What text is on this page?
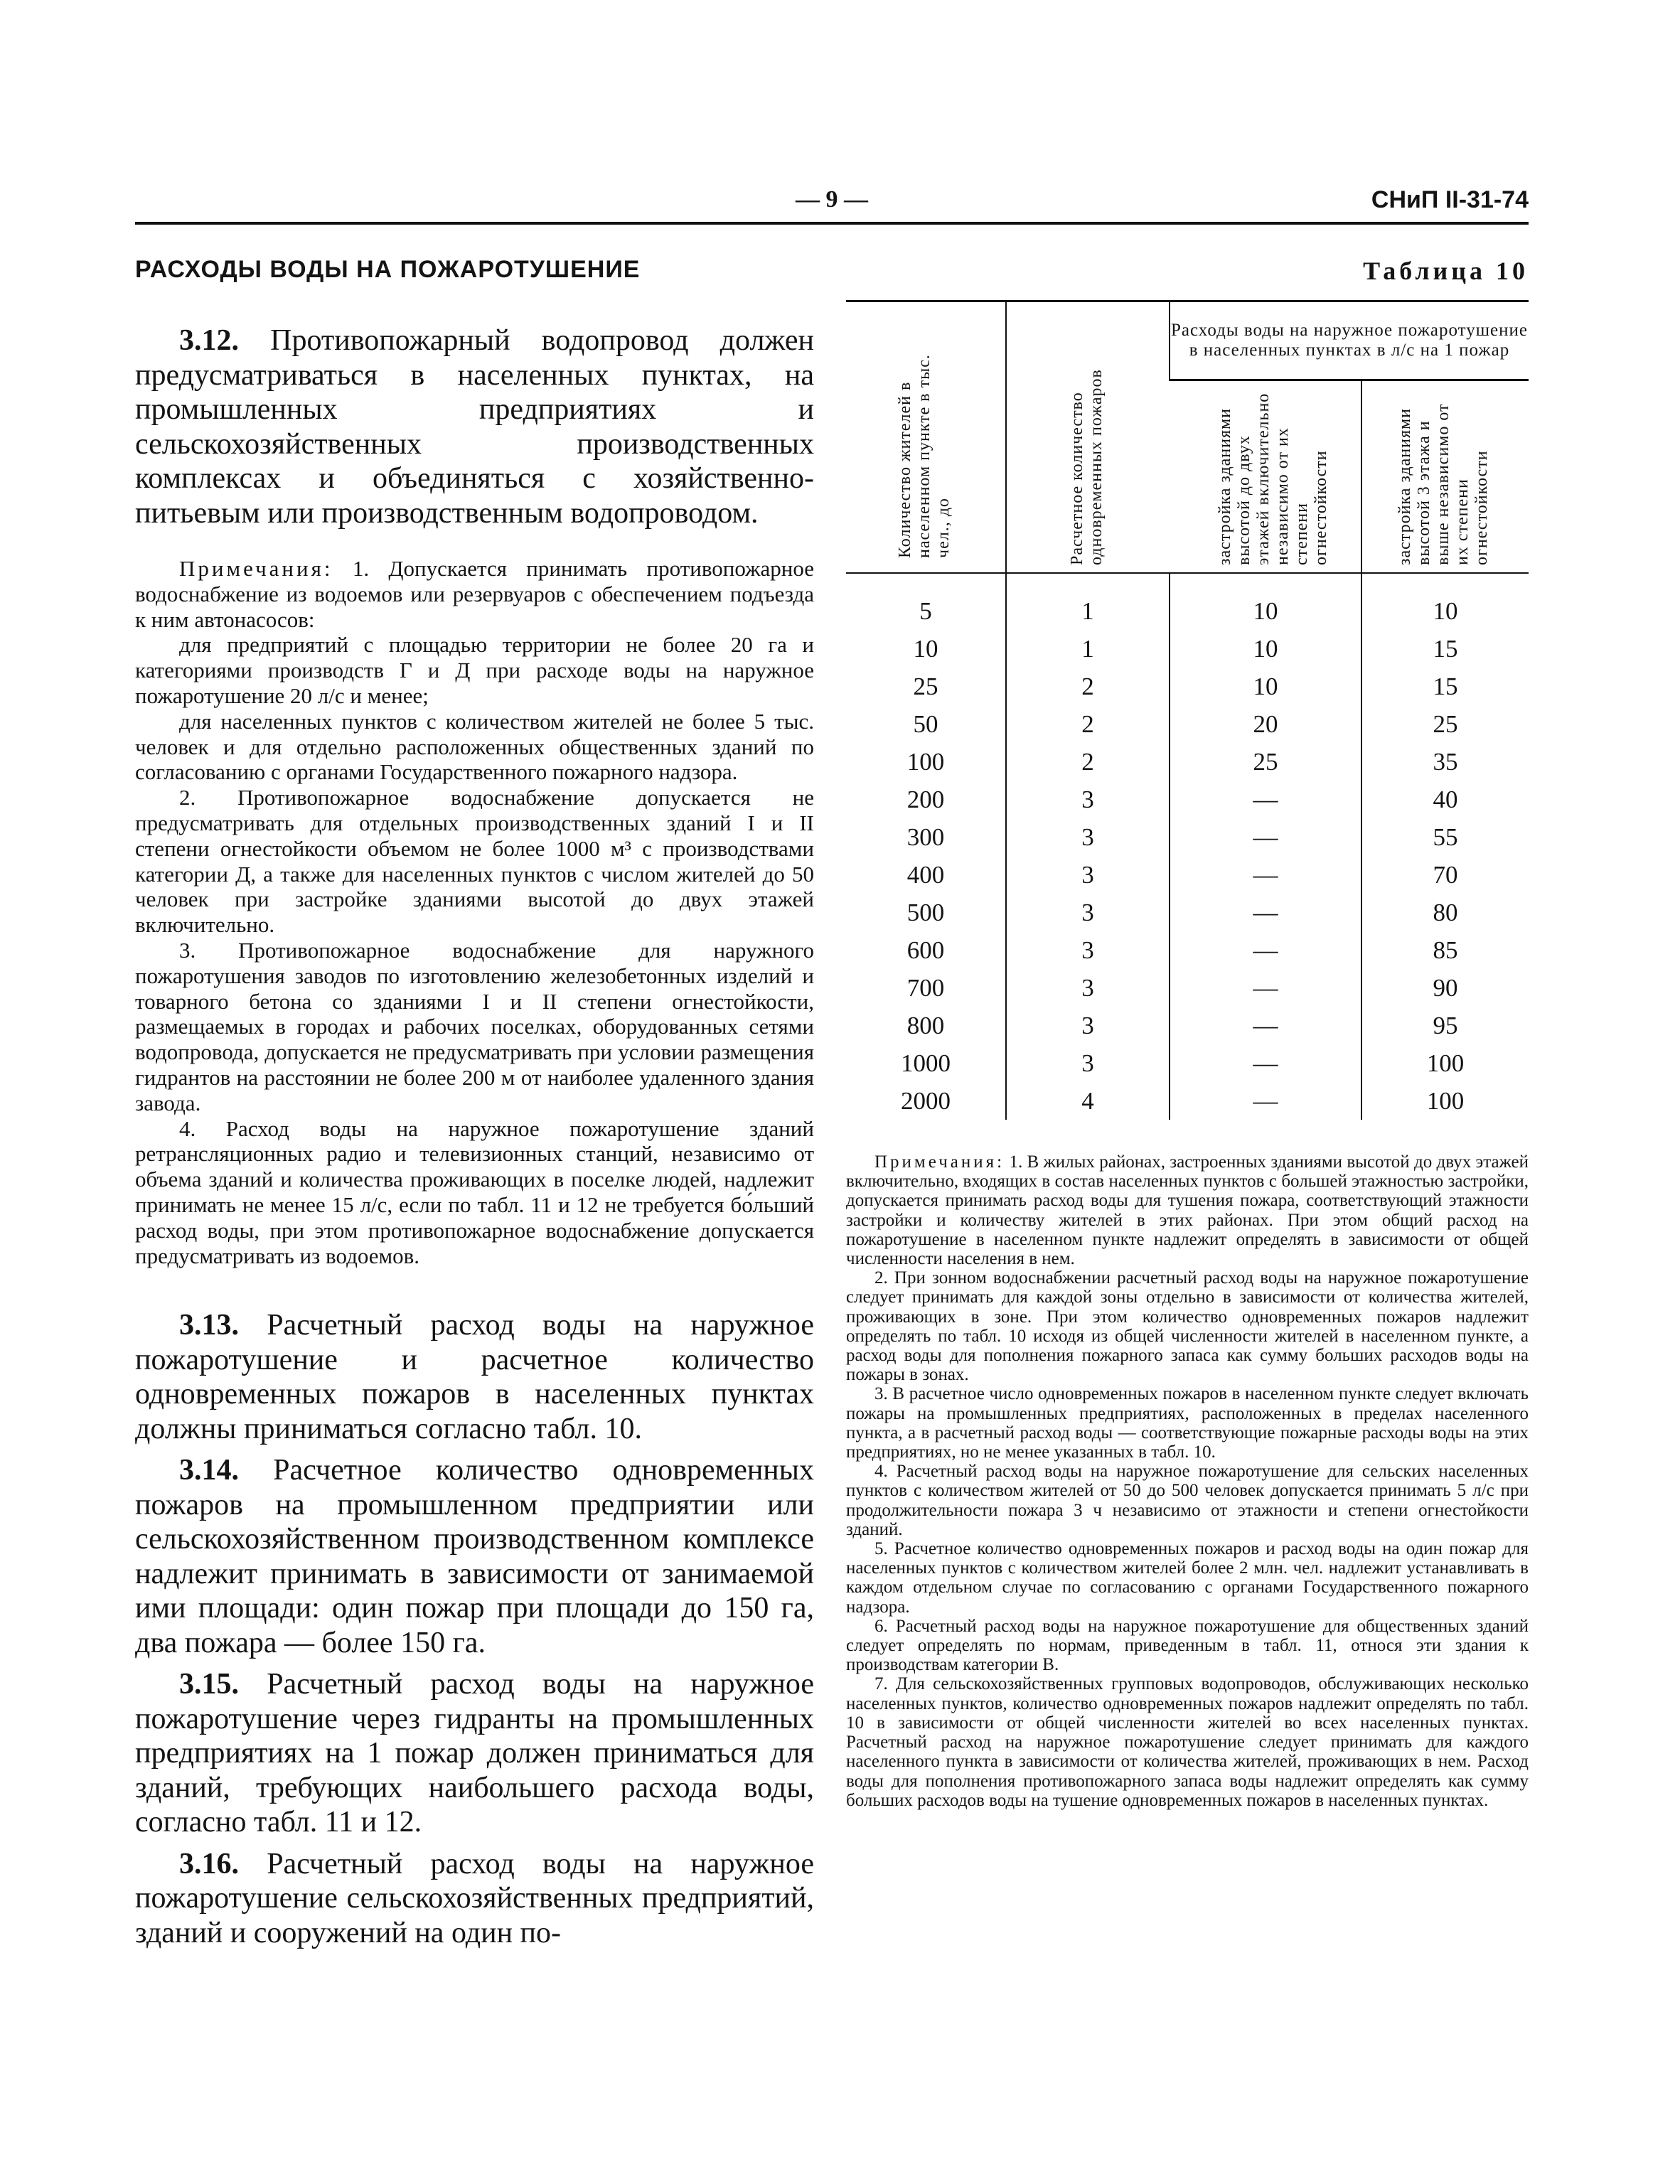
— 9 —	СНиП II-31-74
РАСХОДЫ ВОДЫ НА ПОЖАРОТУШЕНИЕ

3.12. Противопожарный водопровод должен предусматриваться в населенных пунктах, на промышленных предприятиях и сельскохозяйственных производственных комплексах и объединяться с хозяйственно-питьевым или производственным водопроводом.

Примечания: 1. Допускается принимать противопожарное водоснабжение из водоемов или резервуаров с обеспечением подъезда к ним автонасосов:

для предприятий с площадью территории не более 20 га и категориями производств Г и Д при расходе воды на наружное пожаротушение 20 л/с и менее;

для населенных пунктов с количеством жителей не более 5 тыс. человек и для отдельно расположенных общественных зданий по согласованию с органами Государственного пожарного надзора.

2. Противопожарное водоснабжение допускается не предусматривать для отдельных производственных зданий I и II степени огнестойкости объемом не более 1000 м³ с производствами категории Д, а также для населенных пунктов с числом жителей до 50 человек при застройке зданиями высотой до двух этажей включительно.

3. Противопожарное водоснабжение для наружного пожаротушения заводов по изготовлению железобетонных изделий и товарного бетона со зданиями I и II степени огнестойкости, размещаемых в городах и рабочих поселках, оборудованных сетями водопровода, допускается не предусматривать при условии размещения гидрантов на расстоянии не более 200 м от наиболее удаленного здания завода.

4. Расход воды на наружное пожаротушение зданий ретрансляционных радио и телевизионных станций, независимо от объема зданий и количества проживающих в поселке людей, надлежит принимать не менее 15 л/с, если по табл. 11 и 12 не требуется бо́льший расход воды, при этом противопожарное водоснабжение допускается предусматривать из водоемов.

3.13. Расчетный расход воды на наружное пожаротушение и расчетное количество одновременных пожаров в населенных пунктах должны приниматься согласно табл. 10.

3.14. Расчетное количество одновременных пожаров на промышленном предприятии или сельскохозяйственном производственном комплексе надлежит принимать в зависимости от занимаемой ими площади: один пожар при площади до 150 га, два пожара — более 150 га.

3.15. Расчетный расход воды на наружное пожаротушение через гидранты на промышленных предприятиях на 1 пожар должен приниматься для зданий, требующих наибольшего расхода воды, согласно табл. 11 и 12.

3.16. Расчетный расход воды на наружное пожаротушение сельскохозяйственных предприятий, зданий и сооружений на один по-

Таблица 10
Количество жителей в населенном пункте в тыс. чел., до	Расчетное количество одновременных пожаров	Расходы воды на наружное пожаротушение в населенных пунктах в л/с на 1 пожар	

		застройка зданиями высотой до двух этажей включительно независимо от их степени огнестойкости	застройка зданиями высотой 3 этажа и выше независимо от их степени огнестойкости

5	1	10	10
10	1	10	15
25	2	10	15
50	2	20	25
100	2	25	35
200	3	—	40
300	3	—	55
400	3	—	70
500	3	—	80
600	3	—	85
700	3	—	90
800	3	—	95
1000	3	—	100
2000	4	—	100

Примечания: 1. В жилых районах, застроенных зданиями высотой до двух этажей включительно, входящих в состав населенных пунктов с большей этажностью застройки, допускается принимать расход воды для тушения пожара, соответствующий этажности застройки и количеству жителей в этих районах. При этом общий расход на пожаротушение в населенном пункте надлежит определять в зависимости от общей численности населения в нем.

2. При зонном водоснабжении расчетный расход воды на наружное пожаротушение следует принимать для каждой зоны отдельно в зависимости от количества жителей, проживающих в зоне. При этом количество одновременных пожаров надлежит определять по табл. 10 исходя из общей численности жителей в населенном пункте, а расход воды для пополнения пожарного запаса как сумму больших расходов воды на пожары в зонах.

3. В расчетное число одновременных пожаров в населенном пункте следует включать пожары на промышленных предприятиях, расположенных в пределах населенного пункта, а в расчетный расход воды — соответствующие пожарные расходы воды на этих предприятиях, но не менее указанных в табл. 10.

4. Расчетный расход воды на наружное пожаротушение для сельских населенных пунктов с количеством жителей от 50 до 500 человек допускается принимать 5 л/с при продолжительности пожара 3 ч независимо от этажности и степени огнестойкости зданий.

5. Расчетное количество одновременных пожаров и расход воды на один пожар для населенных пунктов с количеством жителей более 2 млн. чел. надлежит устанавливать в каждом отдельном случае по согласованию с органами Государственного пожарного надзора.

6. Расчетный расход воды на наружное пожаротушение для общественных зданий следует определять по нормам, приведенным в табл. 11, относя эти здания к производствам категории В.

7. Для сельскохозяйственных групповых водопроводов, обслуживающих несколько населенных пунктов, количество одновременных пожаров надлежит определять по табл. 10 в зависимости от общей численности жителей во всех населенных пунктах. Расчетный расход на наружное пожаротушение следует принимать для каждого населенного пункта в зависимости от количества жителей, проживающих в нем. Расход воды для пополнения противопожарного запаса воды надлежит определять как сумму больших расходов воды на тушение одновременных пожаров в населенных пунктах.
